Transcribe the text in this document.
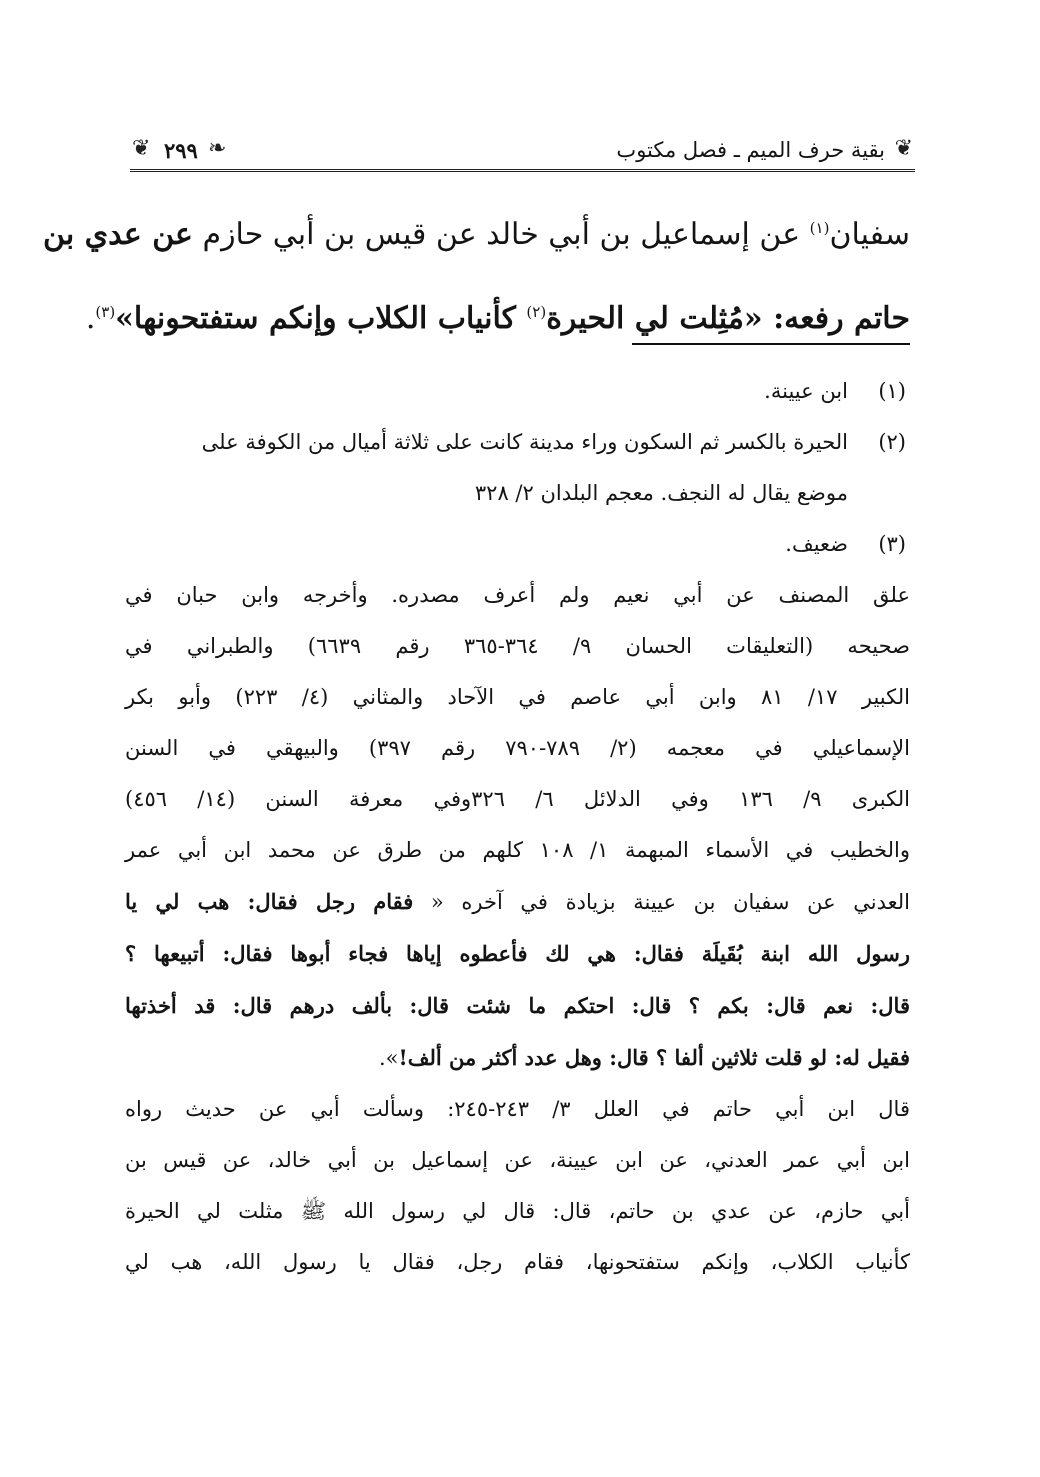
❦
بقية حرف الميم ـ فصل مكتوب
❧
٢٩٩
❦
سفيان$^{(١)}$ عن إسماعيل بن أبي خالد عن قيس بن أبي حازم عن عدي بن
حاتم رفعه: «مُثِلت لي الحيرة$^{(٢)}$ كأنياب الكلاب وإنكم ستفتحونها»$^{(٣)}$.
(١)
ابن عيينة.
(٢)
الحيرة بالكسر ثم السكون وراء مدينة كانت على ثلاثة أميال من الكوفة على
موضع يقال له النجف. معجم البلدان ٢/ ٣٢٨
(٣)
ضعيف.
علق المصنف عن أبي نعيم ولم أعرف مصدره. وأخرجه وابن حبان في
صحيحه (التعليقات الحسان ٩/ ٣٦٤-٣٦٥ رقم ٦٦٣٩) والطبراني في
الكبير ١٧/ ٨١ وابن أبي عاصم في الآحاد والمثاني (٤/ ٢٢٣) وأبو بكر
الإسماعيلي في معجمه (٢/ ٧٨٩-٧٩٠ رقم ٣٩٧) والبيهقي في السنن
الكبرى ٩/ ١٣٦ وفي الدلائل ٦/ ٣٢٦وفي معرفة السنن (١٤/ ٤٥٦)
والخطيب في الأسماء المبهمة ١/ ١٠٨ كلهم من طرق عن محمد ابن أبي عمر
العدني عن سفيان بن عيينة بزيادة في آخره « فقام رجل فقال: هب لي يا
رسول الله ابنة بُقَيلَة فقال: هي لك فأعطوه إياها فجاء أبوها فقال: أتبيعها ؟
قال: نعم قال: بكم ؟ قال: احتكم ما شئت قال: بألف درهم قال: قد أخذتها
فقيل له: لو قلت ثلاثين ألفا ؟ قال: وهل عدد أكثر من ألف!».
قال ابن أبي حاتم في العلل ٣/ ٢٤٣-٢٤٥: وسألت أبي عن حديث رواه
ابن أبي عمر العدني، عن ابن عيينة، عن إسماعيل بن أبي خالد، عن قيس بن
أبي حازم، عن عدي بن حاتم، قال: قال لي رسول الله ﷺ مثلت لي الحيرة
كأنياب الكلاب، وإنكم ستفتحونها، فقام رجل، فقال يا رسول الله، هب لي
